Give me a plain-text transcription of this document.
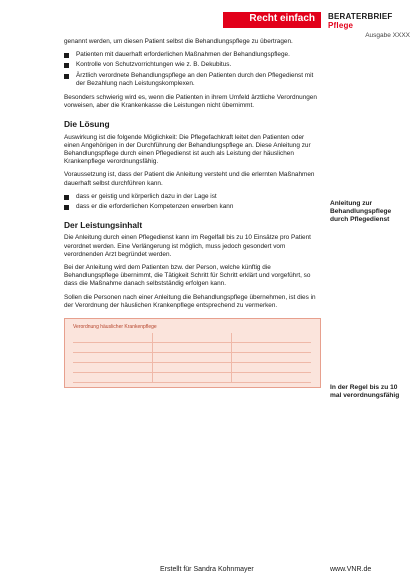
Recht einfach BERATERBRIEF Pflege
Ausgabe XXXX

genannt werden, um diesen Patient selbst die Behandlungspflege zu übertragen.

Patienten mit dauerhaft erforderlichen Maßnahmen der Behandlungspflege.
Kontrolle von Schutzvorrichtungen wie z. B. Dekubitus.
Ärztlich verordnete Behandlungspflege an den Patienten durch den Pflegedienst mit der Bezahlung nach Leistungskomplexen.

Besonders schwierig wird es, wenn die Patienten in ihrem Umfeld ärztliche Verordnungen vorweisen, aber die Krankenkasse die Leistungen nicht übernimmt.

Die Lösung

Auswirkung ist die folgende Möglichkeit: Die Pflegefachkraft leitet den Patienten oder einen Angehörigen in der Durchführung der Behandlungspflege an. Diese Anleitung zur Behandlungspflege durch einen Pflegedienst ist auch als Leistung der häuslichen Krankenpflege verordnungsfähig.

Voraussetzung ist, dass der Patient die Anleitung versteht und die erlernten Maßnahmen dauerhaft selbst durchführen kann.

dass er geistig und körperlich dazu in der Lage ist
dass er die erforderlichen Kompetenzen erwerben kann
Der Leistungsinhalt

Die Anleitung durch einen Pflegedienst kann im Regelfall bis zu 10 Einsätze pro Patient verordnet werden. Eine Verlängerung ist möglich, muss jedoch gesondert vom verordnenden Arzt begründet werden.

Bei der Anleitung wird dem Patienten bzw. der Person, welche künftig die Behandlungspflege übernimmt, die Tätigkeit Schritt für Schritt erklärt und vorgeführt, so dass die Maßnahme danach selbstständig erfolgen kann.

Sollen die Personen nach einer Anleitung die Behandlungspflege übernehmen, ist dies in der Verordnung der häuslichen Krankenpflege entsprechend zu vermerken.

Verordnung häuslicher Krankenpflege
Anleitung zur Behandlungspflege durch Pflegedienst
In der Regel bis zu 10 mal verordnungsfähig
Erstellt für Sandra Kohnmayer	www.VNR.de
